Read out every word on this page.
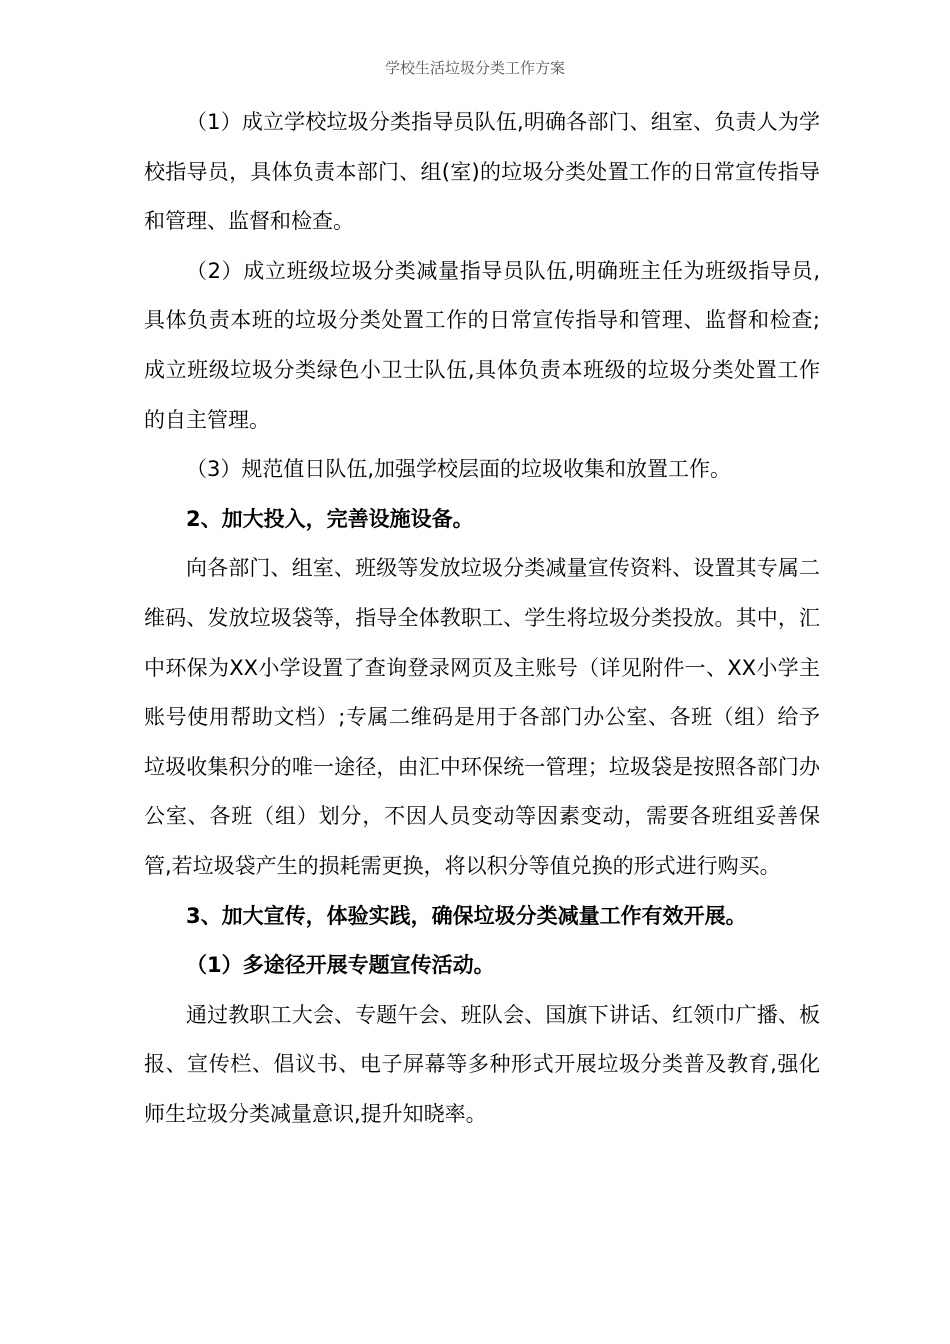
学校生活垃圾分类工作方案

（1）成立学校垃圾分类指导员队伍,明确各部门、组室、负责人为学校指导员，具体负责本部门、组(室)的垃圾分类处置工作的日常宣传指导和管理、监督和检查。

（2）成立班级垃圾分类减量指导员队伍,明确班主任为班级指导员,具体负责本班的垃圾分类处置工作的日常宣传指导和管理、监督和检查;成立班级垃圾分类绿色小卫士队伍,具体负责本班级的垃圾分类处置工作的自主管理。

（3）规范值日队伍,加强学校层面的垃圾收集和放置工作。

2、加大投入，完善设施设备。

向各部门、组室、班级等发放垃圾分类减量宣传资料、设置其专属二维码、发放垃圾袋等，指导全体教职工、学生将垃圾分类投放。其中，汇中环保为XX小学设置了查询登录网页及主账号（详见附件一、XX小学主账号使用帮助文档）;专属二维码是用于各部门办公室、各班（组）给予垃圾收集积分的唯一途径，由汇中环保统一管理；垃圾袋是按照各部门办公室、各班（组）划分，不因人员变动等因素变动，需要各班组妥善保管,若垃圾袋产生的损耗需更换，将以积分等值兑换的形式进行购买。

3、加大宣传，体验实践，确保垃圾分类减量工作有效开展。

（1）多途径开展专题宣传活动。

通过教职工大会、专题午会、班队会、国旗下讲话、红领巾广播、板报、宣传栏、倡议书、电子屏幕等多种形式开展垃圾分类普及教育,强化师生垃圾分类减量意识,提升知晓率。
